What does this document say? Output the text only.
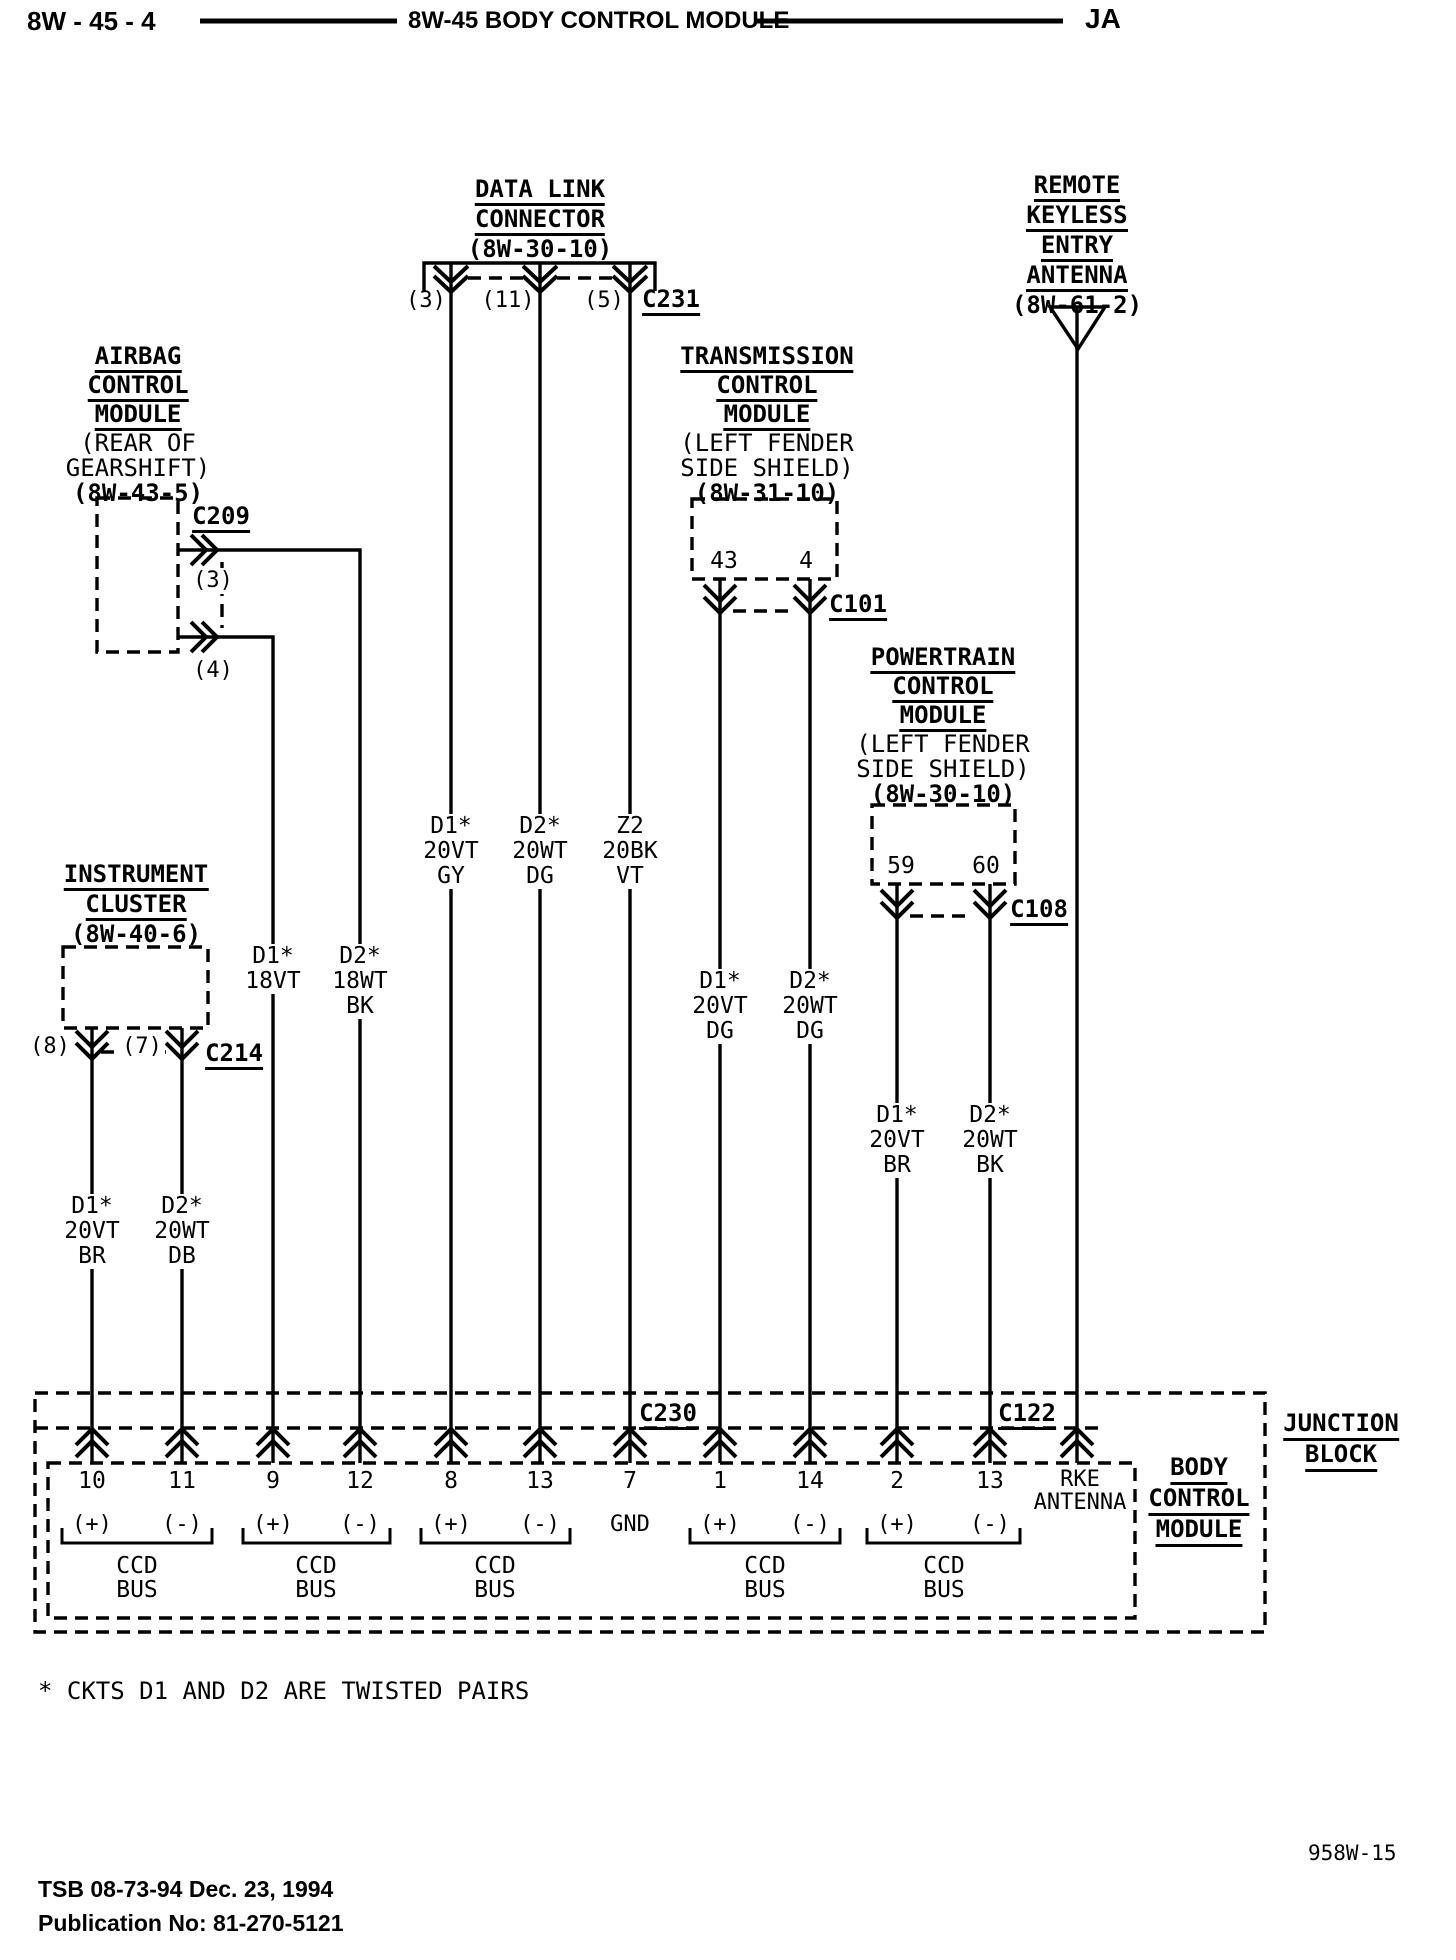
8W - 45 - 4	8W-45 BODY CONTROL MODULE	JA
DATA LINK
CONNECTOR
(8W-30-10)
(3) (11) (5) C231
REMOTE
KEYLESS
ENTRY
ANTENNA
(8W-61-2)
AIRBAG
CONTROL
MODULE
(REAR OF
GEARSHIFT)
(8W-43-5)
C209
(3)
(4)
TRANSMISSION
CONTROL
MODULE
(LEFT FENDER
SIDE SHIELD)
(8W-31-10)
43	4
C101
POWERTRAIN
CONTROL
MODULE
(LEFT FENDER
SIDE SHIELD)
(8W-30-10)
59 60
C108
INSTRUMENT
CLUSTER
(8W-40-6)
(8) (7) C214
D1*
20VT
GY
D2*
20WT
DG
Z2
20BK
VT
D1*
18VT
D2*
18WT
BK
D1*
20VT
DG
D2*
20WT
DG
D1*
20VT
BR
D2*
20WT
BK
D1*
20VT
BR
D2*
20WT
DB
C230	C122
10	11	9	12	8	13	7	1	14	2	13	RKE
ANTENNA
(+) (-) (+) (-) (+) (-) GND (+) (-) (+) (-)
CCD
BUS
CCD
BUS
CCD
BUS
CCD
BUS
CCD
BUS
BODY
CONTROL
MODULE
JUNCTION
BLOCK
* CKTS D1 AND D2 ARE TWISTED PAIRS
958W-15
TSB 08-73-94 Dec. 23, 1994
Publication No: 81-270-5121
